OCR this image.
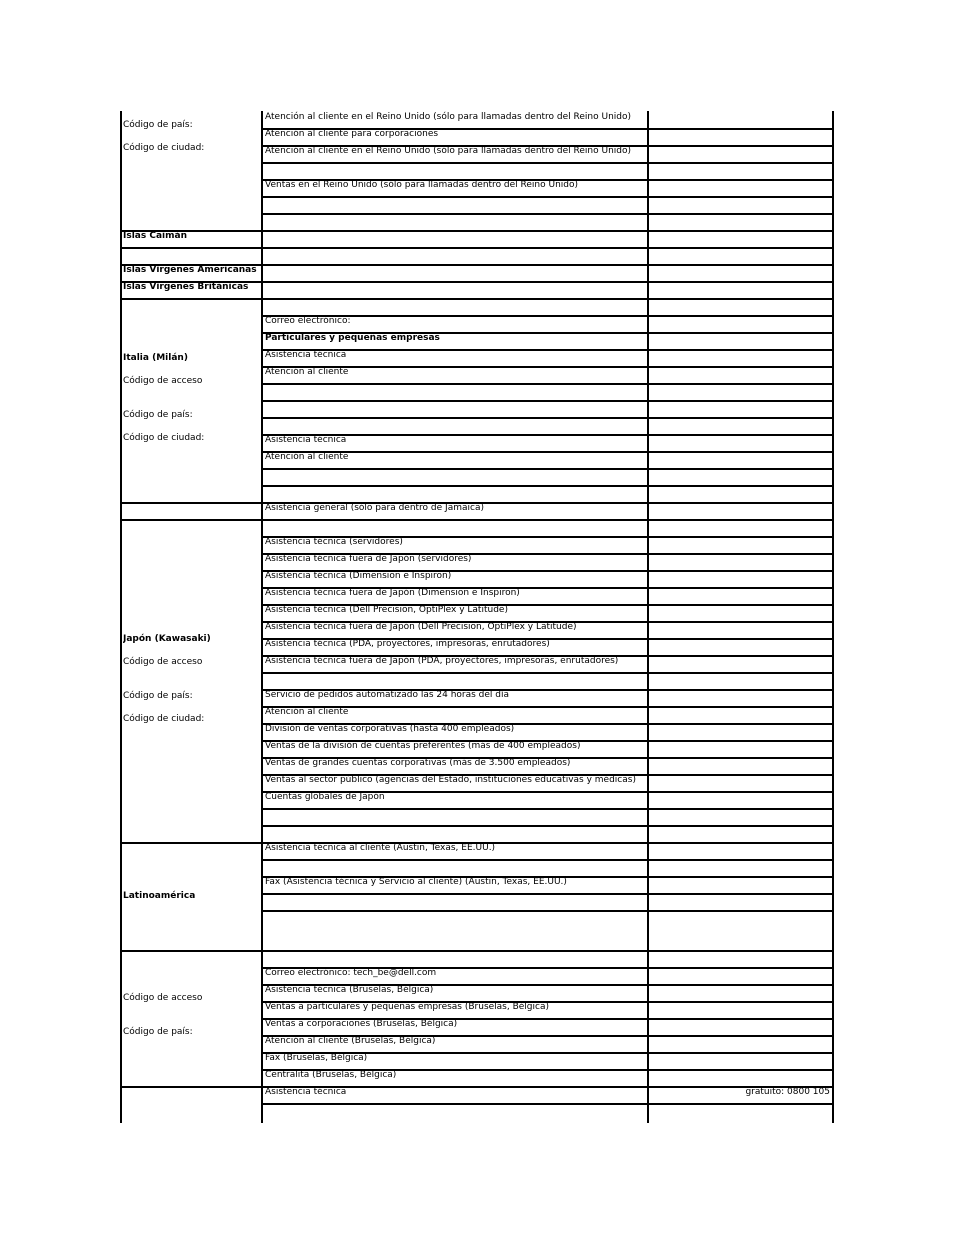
Atención al cliente en el Reino Unido (sólo para llamadas dentro del Reino Unido)
Atención al cliente para corporaciones
Atención al cliente en el Reino Unido (sólo para llamadas dentro del Reino Unido)
Ventas en el Reino Unido (sólo para llamadas dentro del Reino Unido)
Código de país:
Código de ciudad:
Islas Caimán
Islas Vírgenes Americanas
Islas Vírgenes Británicas
Correo electrónico:
Particulares y pequeñas empresas
Asistencia técnica
Atención al cliente
Asistencia técnica
Atención al cliente
Italia (Milán)
Código de acceso
Código de país:
Código de ciudad:
Asistencia general (sólo para dentro de Jamaica)
Asistencia técnica (servidores)
Asistencia técnica fuera de Japón (servidores)
Asistencia técnica (Dimension e Inspiron)
Asistencia técnica fuera de Japón (Dimension e Inspiron)
Asistencia técnica (Dell Precision, OptiPlex y Latitude)
Asistencia técnica fuera de Japón (Dell Precision, OptiPlex y Latitude)
Asistencia técnica (PDA, proyectores, impresoras, enrutadores)
Asistencia técnica fuera de Japón (PDA, proyectores, impresoras, enrutadores)
Servicio de pedidos automatizado las 24 horas del día
Atención al cliente
División de ventas corporativas (hasta 400 empleados)
Ventas de la división de cuentas preferentes (más de 400 empleados)
Ventas de grandes cuentas corporativas (más de 3.500 empleados)
Ventas al sector público (agencias del Estado, instituciones educativas y médicas)
Cuentas globales de Japón
Japón (Kawasaki)
Código de acceso
Código de país:
Código de ciudad:
Asistencia técnica al cliente (Austin, Texas, EE.UU.)
Fax (Asistencia técnica y Servicio al cliente) (Austin, Texas, EE.UU.)
Latinoamérica
Correo electrónico: tech_be@dell.com
Asistencia técnica (Bruselas, Bélgica)
Ventas a particulares y pequeñas empresas (Bruselas, Bélgica)
Ventas a corporaciones (Bruselas, Bélgica)
Atención al cliente (Bruselas, Bélgica)
Fax (Bruselas, Bélgica)
Centralita (Bruselas, Bélgica)
Código de acceso
Código de país:
Asistencia técnica	gratuito: 0800 105
